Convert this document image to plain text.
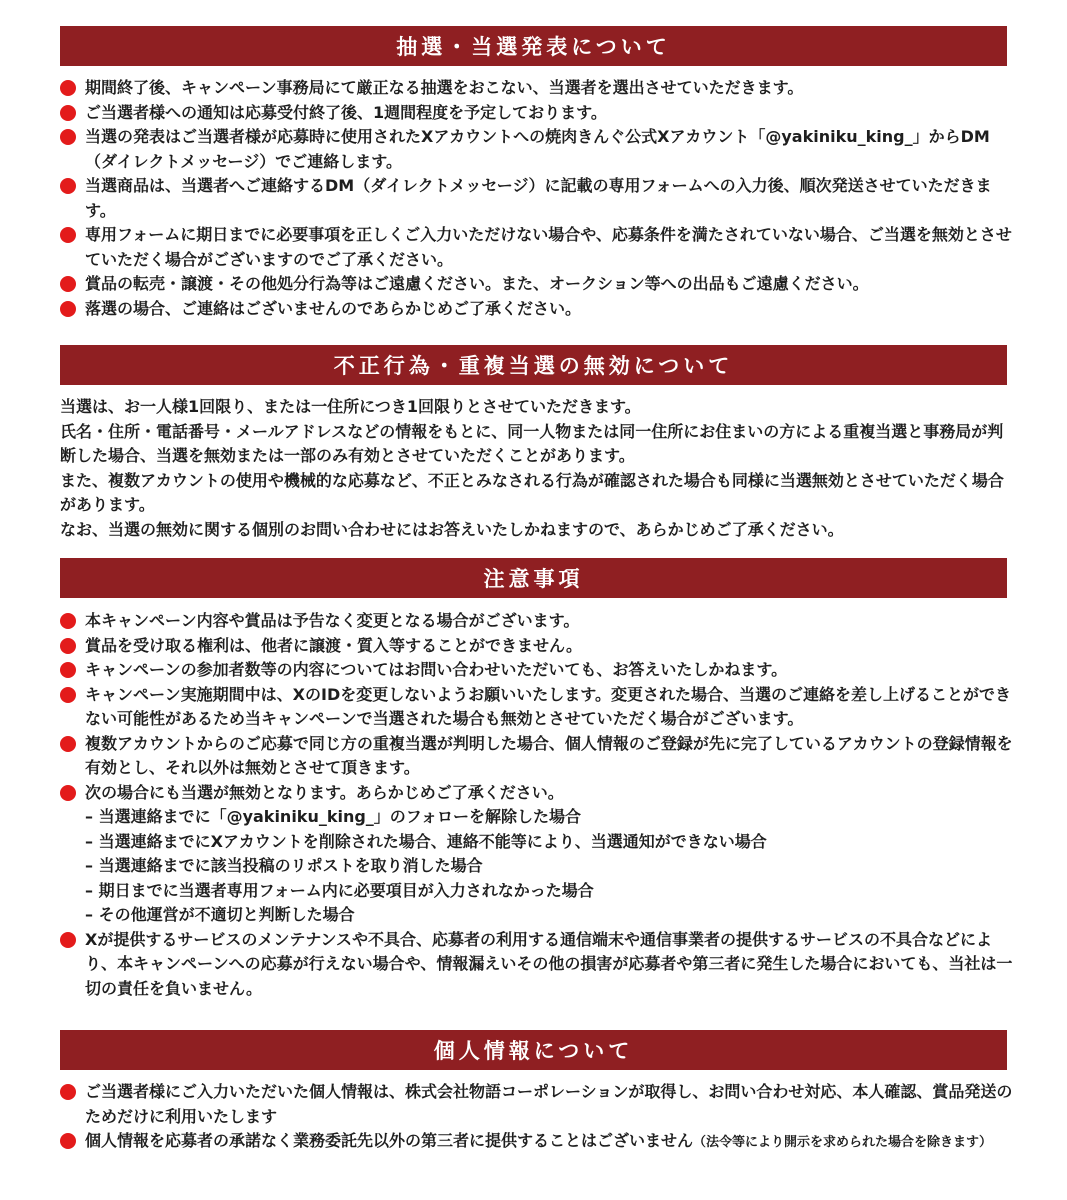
抽選・当選発表について
期間終了後、キャンペーン事務局にて厳正なる抽選をおこない、当選者を選出させていただきます。
ご当選者様への通知は応募受付終了後、1週間程度を予定しております。
当選の発表はご当選者様が応募時に使用されたXアカウントへの焼肉きんぐ公式Xアカウント「@yakiniku_king_」からDM（ダイレクトメッセージ）でご連絡します。
当選商品は、当選者へご連絡するDM（ダイレクトメッセージ）に記載の専用フォームへの入力後、順次発送させていただきます。
専用フォームに期日までに必要事項を正しくご入力いただけない場合や、応募条件を満たされていない場合、ご当選を無効とさせていただく場合がございますのでご了承ください。
賞品の転売・譲渡・その他処分行為等はご遠慮ください。また、オークション等への出品もご遠慮ください。
落選の場合、ご連絡はございませんのであらかじめご了承ください。
不正行為・重複当選の無効について

当選は、お一人様1回限り、または一住所につき1回限りとさせていただきます。

氏名・住所・電話番号・メールアドレスなどの情報をもとに、同一人物または同一住所にお住まいの方による重複当選と事務局が判断した場合、当選を無効または一部のみ有効とさせていただくことがあります。

また、複数アカウントの使用や機械的な応募など、不正とみなされる行為が確認された場合も同様に当選無効とさせていただく場合があります。

なお、当選の無効に関する個別のお問い合わせにはお答えいたしかねますので、あらかじめご了承ください。

注意事項
本キャンペーン内容や賞品は予告なく変更となる場合がございます。
賞品を受け取る権利は、他者に譲渡・質入等することができません。
キャンペーンの参加者数等の内容についてはお問い合わせいただいても、お答えいたしかねます。
キャンペーン実施期間中は、XのIDを変更しないようお願いいたします。変更された場合、当選のご連絡を差し上げることができない可能性があるため当キャンペーンで当選された場合も無効とさせていただく場合がございます。
複数アカウントからのご応募で同じ方の重複当選が判明した場合、個人情報のご登録が先に完了しているアカウントの登録情報を有効とし、それ以外は無効とさせて頂きます。
次の場合にも当選が無効となります。あらかじめご了承ください。
– 当選連絡までに「@yakiniku_king_」のフォローを解除した場合
– 当選連絡までにXアカウントを削除された場合、連絡不能等により、当選通知ができない場合
– 当選連絡までに該当投稿のリポストを取り消した場合
– 期日までに当選者専用フォーム内に必要項目が入力されなかった場合
– その他運営が不適切と判断した場合
Xが提供するサービスのメンテナンスや不具合、応募者の利用する通信端末や通信事業者の提供するサービスの不具合などにより、本キャンペーンへの応募が行えない場合や、情報漏えいその他の損害が応募者や第三者に発生した場合においても、当社は一切の責任を負いません。
個人情報について
ご当選者様にご入力いただいた個人情報は、株式会社物語コーポレーションが取得し、お問い合わせ対応、本人確認、賞品発送のためだけに利用いたします
個人情報を応募者の承諾なく業務委託先以外の第三者に提供することはございません（法令等により開示を求められた場合を除きます）
